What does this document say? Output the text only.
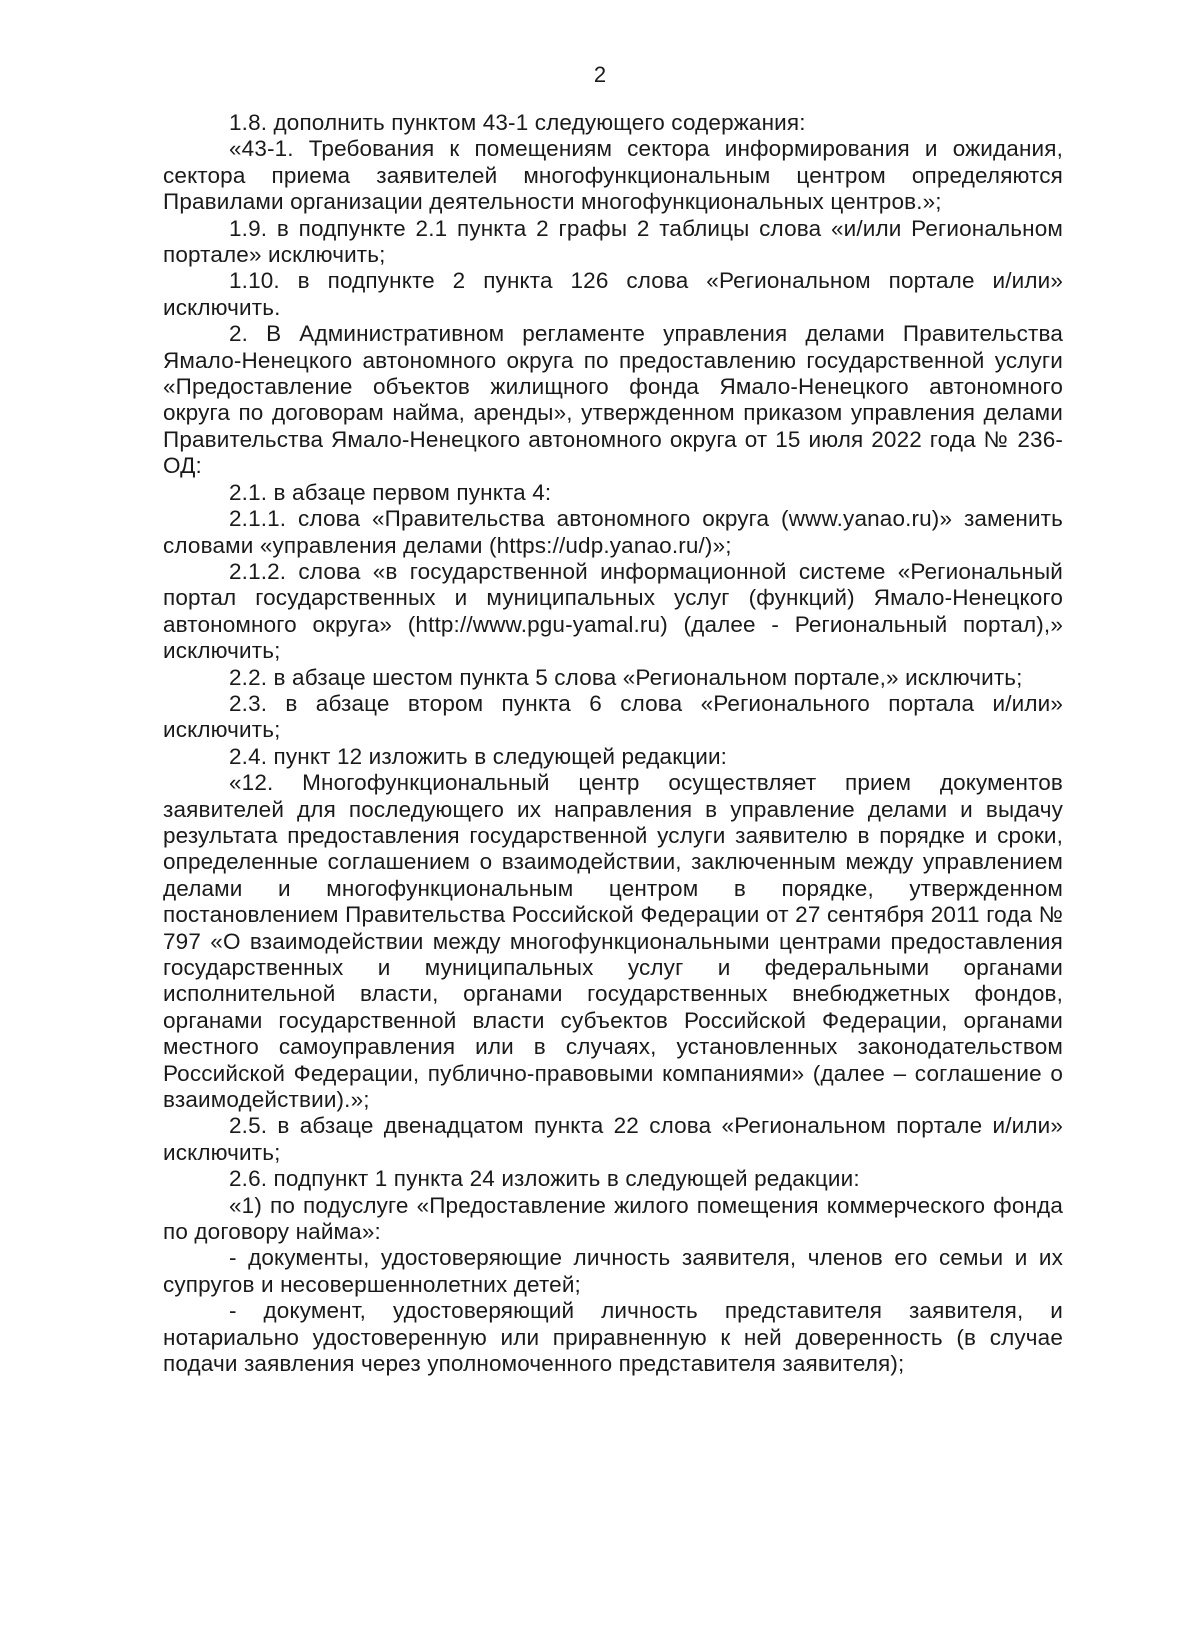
2

1.8. дополнить пунктом 43-1 следующего содержания:

«43-1. Требования к помещениям сектора информирования и ожидания, сектора приема заявителей многофункциональным центром определяются Правилами организации деятельности многофункциональных центров.»;

1.9. в подпункте 2.1 пункта 2 графы 2 таблицы слова «и/или Региональном портале» исключить;

1.10. в подпункте 2 пункта 126 слова «Региональном портале и/или» исключить.

2. В Административном регламенте управления делами Правительства Ямало-Ненецкого автономного округа по предоставлению государственной услуги «Предоставление объектов жилищного фонда Ямало-Ненецкого автономного округа по договорам найма, аренды», утвержденном приказом управления делами Правительства Ямало-Ненецкого автономного округа от 15 июля 2022 года № 236-ОД:

2.1. в абзаце первом пункта 4:

2.1.1. слова «Правительства автономного округа (www.yanao.ru)» заменить словами «управления делами (https://udp.yanao.ru/)»;

2.1.2. слова «в государственной информационной системе «Региональный портал государственных и муниципальных услуг (функций) Ямало-Ненецкого автономного округа» (http://www.pgu-yamal.ru) (далее - Региональный портал),» исключить;

2.2. в абзаце шестом пункта 5 слова «Региональном портале,» исключить;

2.3. в абзаце втором пункта 6 слова «Регионального портала и/или» исключить;

2.4. пункт 12 изложить в следующей редакции:

«12. Многофункциональный центр осуществляет прием документов заявителей для последующего их направления в управление делами и выдачу результата предоставления государственной услуги заявителю в порядке и сроки, определенные соглашением о взаимодействии, заключенным между управлением делами и многофункциональным центром в порядке, утвержденном постановлением Правительства Российской Федерации от 27 сентября 2011 года № 797 «О взаимодействии между многофункциональными центрами предоставления государственных и муниципальных услуг и федеральными органами исполнительной власти, органами государственных внебюджетных фондов, органами государственной власти субъектов Российской Федерации, органами местного самоуправления или в случаях, установленных законодательством Российской Федерации, публично-правовыми компаниями» (далее – соглашение о взаимодействии).»;

2.5. в абзаце двенадцатом пункта 22 слова «Региональном портале и/или» исключить;

2.6. подпункт 1 пункта 24 изложить в следующей редакции:

«1) по подуслуге «Предоставление жилого помещения коммерческого фонда по договору найма»:

- документы, удостоверяющие личность заявителя, членов его семьи и их супругов и несовершеннолетних детей;

- документ, удостоверяющий личность представителя заявителя, и нотариально удостоверенную или приравненную к ней доверенность (в случае подачи заявления через уполномоченного представителя заявителя);
